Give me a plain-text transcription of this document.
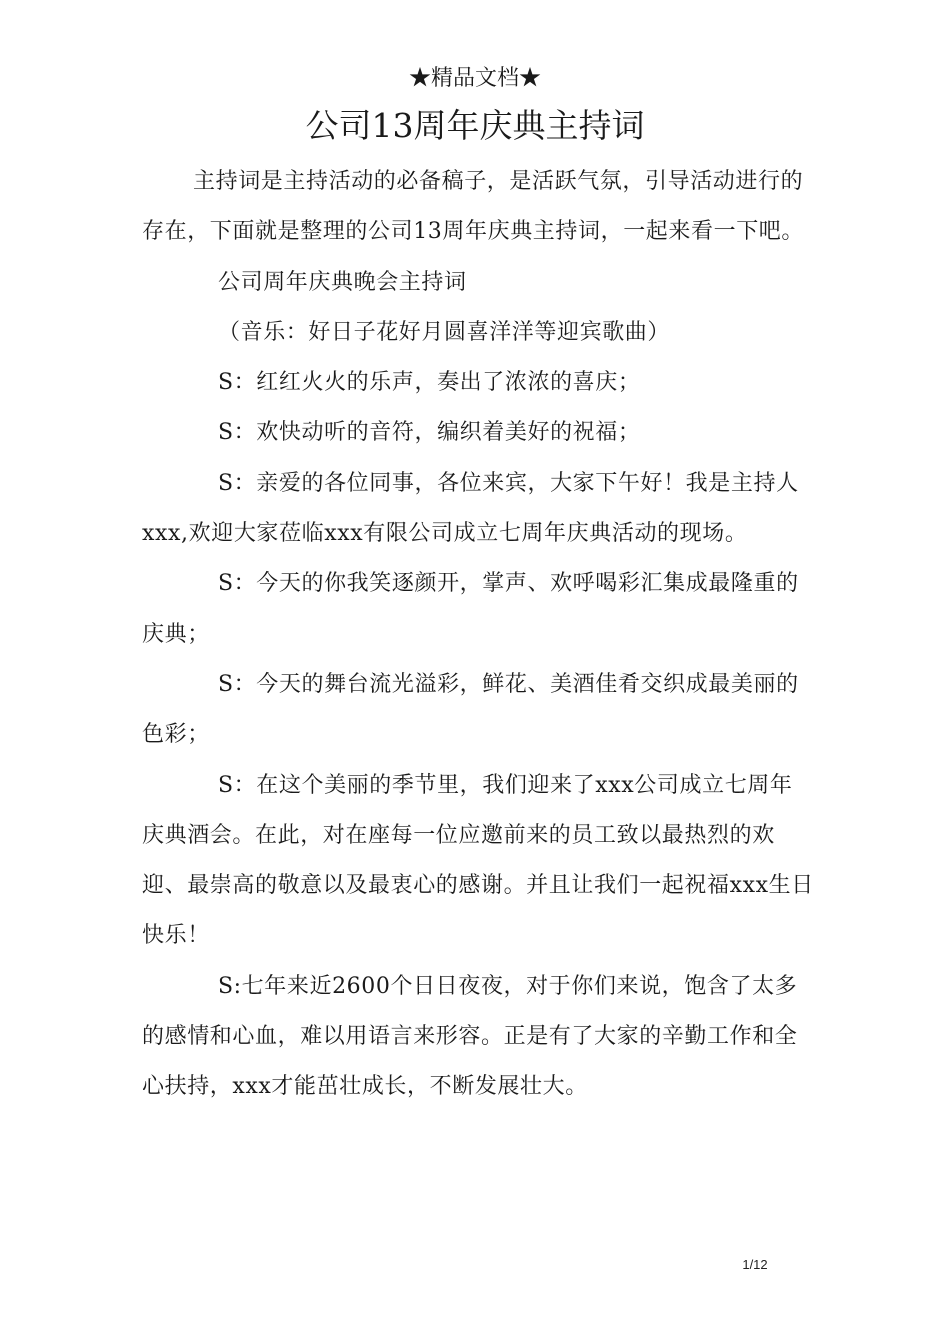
★精品文档★
公司13周年庆典主持词

主持词是主持活动的必备稿子，是活跃气氛，引导活动进行的存在，下面就是整理的公司13周年庆典主持词，一起来看一下吧。

公司周年庆典晚会主持词

（音乐：好日子花好月圆喜洋洋等迎宾歌曲）

S：红红火火的乐声，奏出了浓浓的喜庆；

S：欢快动听的音符，编织着美好的祝福；

S：亲爱的各位同事，各位来宾，大家下午好！我是主持人xxx,欢迎大家莅临xxx有限公司成立七周年庆典活动的现场。

S：今天的你我笑逐颜开，掌声、欢呼喝彩汇集成最隆重的庆典；

S：今天的舞台流光溢彩，鲜花、美酒佳肴交织成最美丽的色彩；

S：在这个美丽的季节里，我们迎来了xxx公司成立七周年庆典酒会。在此，对在座每一位应邀前来的员工致以最热烈的欢迎、最崇高的敬意以及最衷心的感谢。并且让我们一起祝福xxx生日快乐！

S:七年来近2600个日日夜夜，对于你们来说，饱含了太多的感情和心血，难以用语言来形容。正是有了大家的辛勤工作和全心扶持，xxx才能茁壮成长，不断发展壮大。

1/12
